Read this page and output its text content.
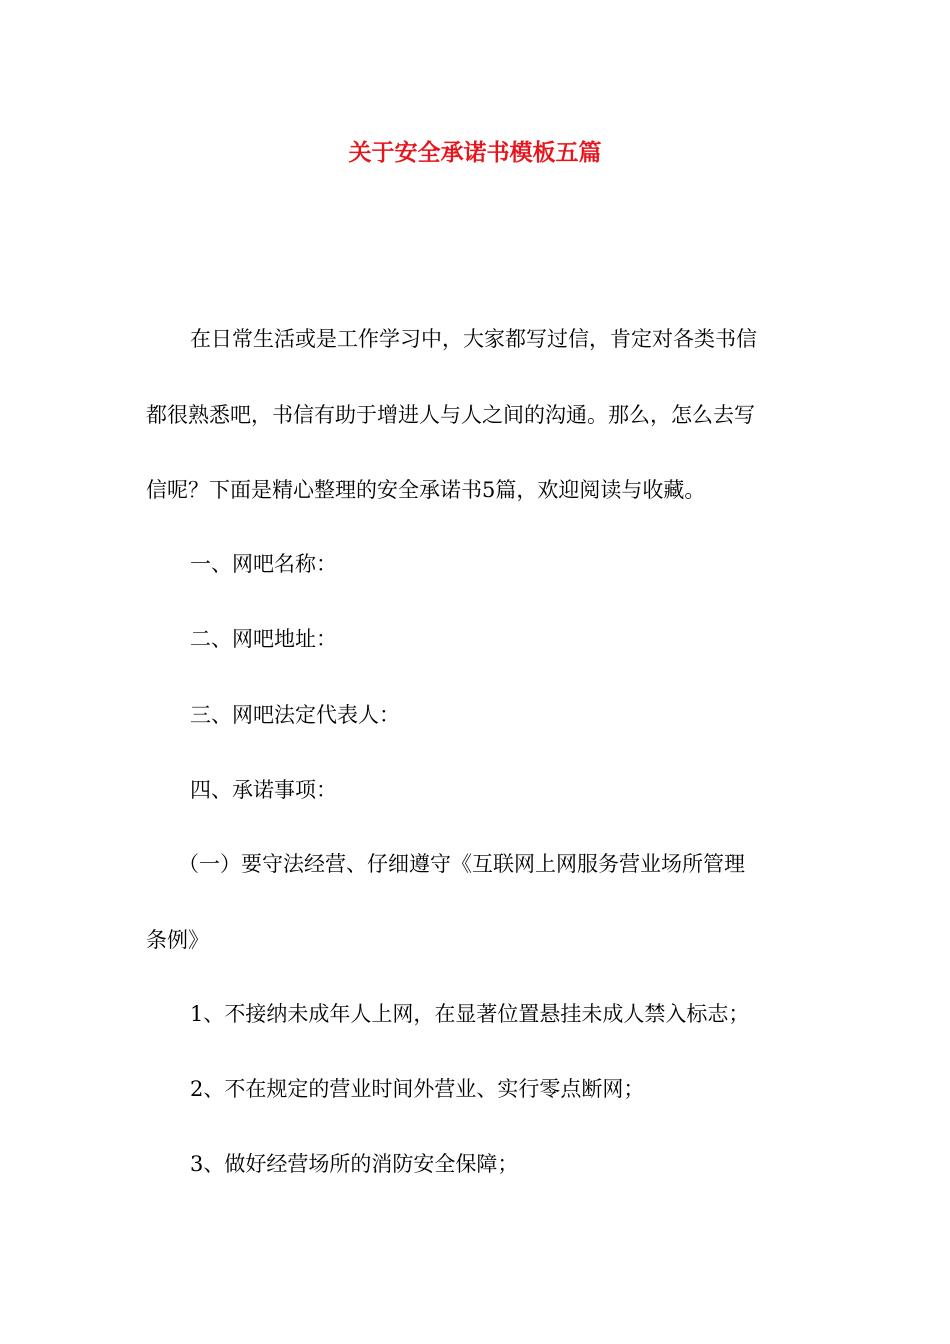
关于安全承诺书模板五篇

在日常生活或是工作学习中，大家都写过信，肯定对各类书信

都很熟悉吧，书信有助于增进人与人之间的沟通。那么，怎么去写

信呢？下面是精心整理的安全承诺书5篇，欢迎阅读与收藏。

一、网吧名称：

二、网吧地址：

三、网吧法定代表人：

四、承诺事项：

（一）要守法经营、仔细遵守《互联网上网服务营业场所管理

条例》

1、不接纳未成年人上网，在显著位置悬挂未成人禁入标志；

2、不在规定的营业时间外营业、实行零点断网；

3、做好经营场所的消防安全保障；
